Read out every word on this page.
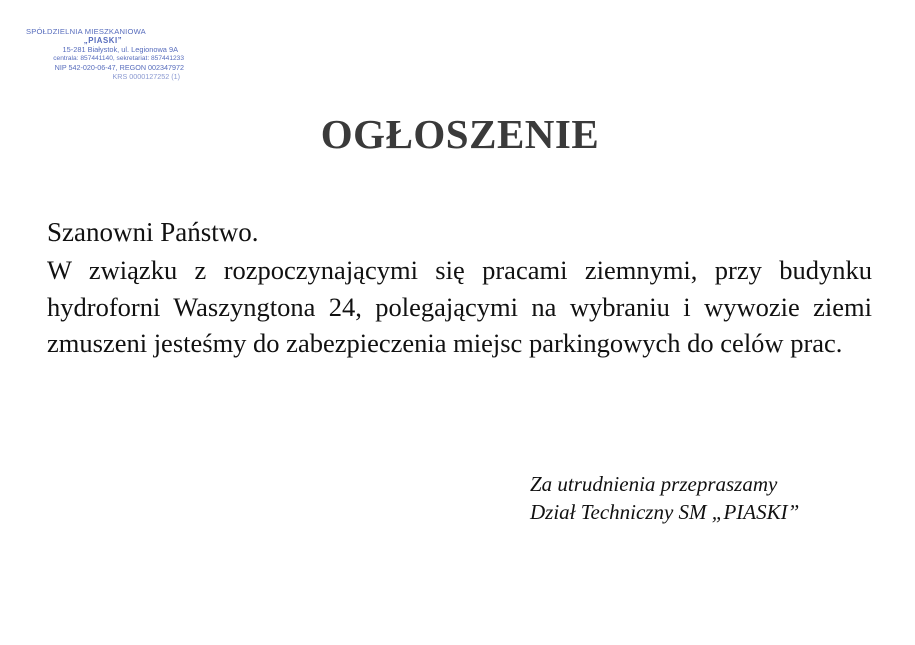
SPÓŁDZIELNIA MIESZKANIOWA
„PIASKI”
15-281 Białystok, ul. Legionowa 9A
centrala: 857441140, sekretariat: 857441233
NIP 542-020-06-47, REGON 002347972
KRS 0000127252 (1)
OGŁOSZENIE

Szanowni Państwo.

W związku z rozpoczynającymi się pracami ziemnymi, przy budynku hydroforni Waszyngtona 24, polegającymi na wybraniu i wywozie ziemi zmuszeni jesteśmy do zabezpieczenia miejsc parkingowych do celów prac.

Za utrudnienia przepraszamy
Dział Techniczny SM „PIASKI”
